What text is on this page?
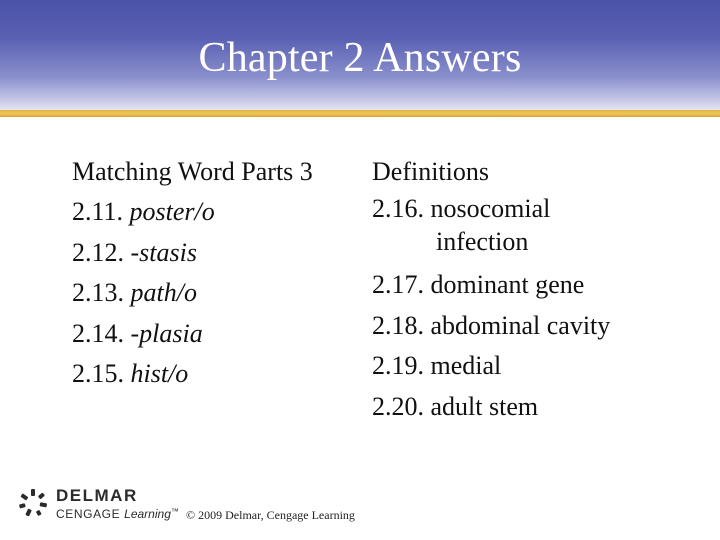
Chapter 2 Answers
Matching Word Parts 3
2.11. poster/o
2.12. -stasis
2.13. path/o
2.14. -plasia
2.15. hist/o
Definitions
2.16. nosocomial
infection
2.17. dominant gene
2.18. abdominal cavity
2.19. medial
2.20. adult stem
DELMAR
CENGAGE Learning™ © 2009 Delmar, Cengage Learning
